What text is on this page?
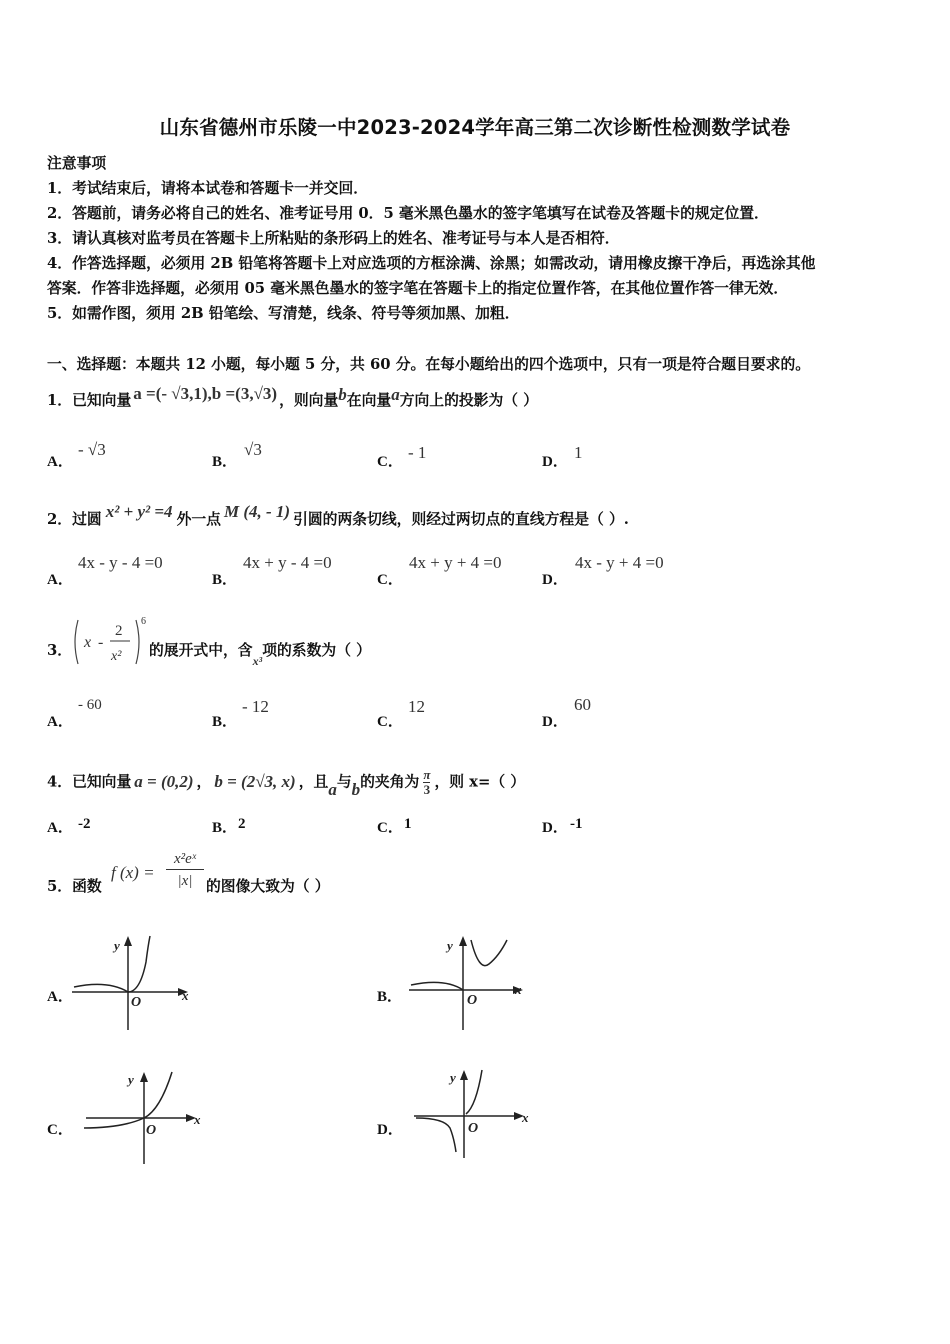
山东省德州市乐陵一中2023-2024学年高三第二次诊断性检测数学试卷
注意事项
1．考试结束后，请将本试卷和答题卡一并交回．
2．答题前，请务必将自己的姓名、准考证号用 0．5 毫米黑色墨水的签字笔填写在试卷及答题卡的规定位置．
3．请认真核对监考员在答题卡上所粘贴的条形码上的姓名、准考证号与本人是否相符．
4．作答选择题，必须用 2B 铅笔将答题卡上对应选项的方框涂满、涂黑；如需改动，请用橡皮擦干净后，再选涂其他
答案．作答非选择题，必须用 05 毫米黑色墨水的签字笔在答题卡上的指定位置作答，在其他位置作答一律无效．
5．如需作图，须用 2B 铅笔绘、写清楚，线条、符号等须加黑、加粗．
一、选择题：本题共 12 小题，每小题 5 分，共 60 分。在每小题给出的四个选项中，只有一项是符合题目要求的。
1．已知向量 a =(- √3,1),b =(3,√3) ，则向量b在向量a方向上的投影为（ ）
A．
- √3
B．
√3
C． - 1	D． 1
2．过圆 x² + y² =4 外一点 M (4, - 1) 引圆的两条切线，则经过两切点的直线方程是（ ）.
A．
4x - y - 4 =0
B．
4x + y - 4 =0
C．
4x + y + 4 =0
D．
4x - y + 4 =0
3． x -
2
x²
6
的展开式中，含$_{x^3}$项的系数为（ ）
A．
- 60
B．
- 12
C．
12
D．
60
4．已知向量 a = (0,2) ， b = (2√3, x) ，且a与b的夹角为 $\frac{\pi}{3}$ ，则 x=（ ）
A． -2	B． 2	C． 1	D． -1
5．函数
f $(x) = \frac{\text{x²eˣ}}{|x|}$ 的图像大致为（ ）
A．
y
x
O	B．
y
x
O
C．
y
x
O	D．
y
x
O
